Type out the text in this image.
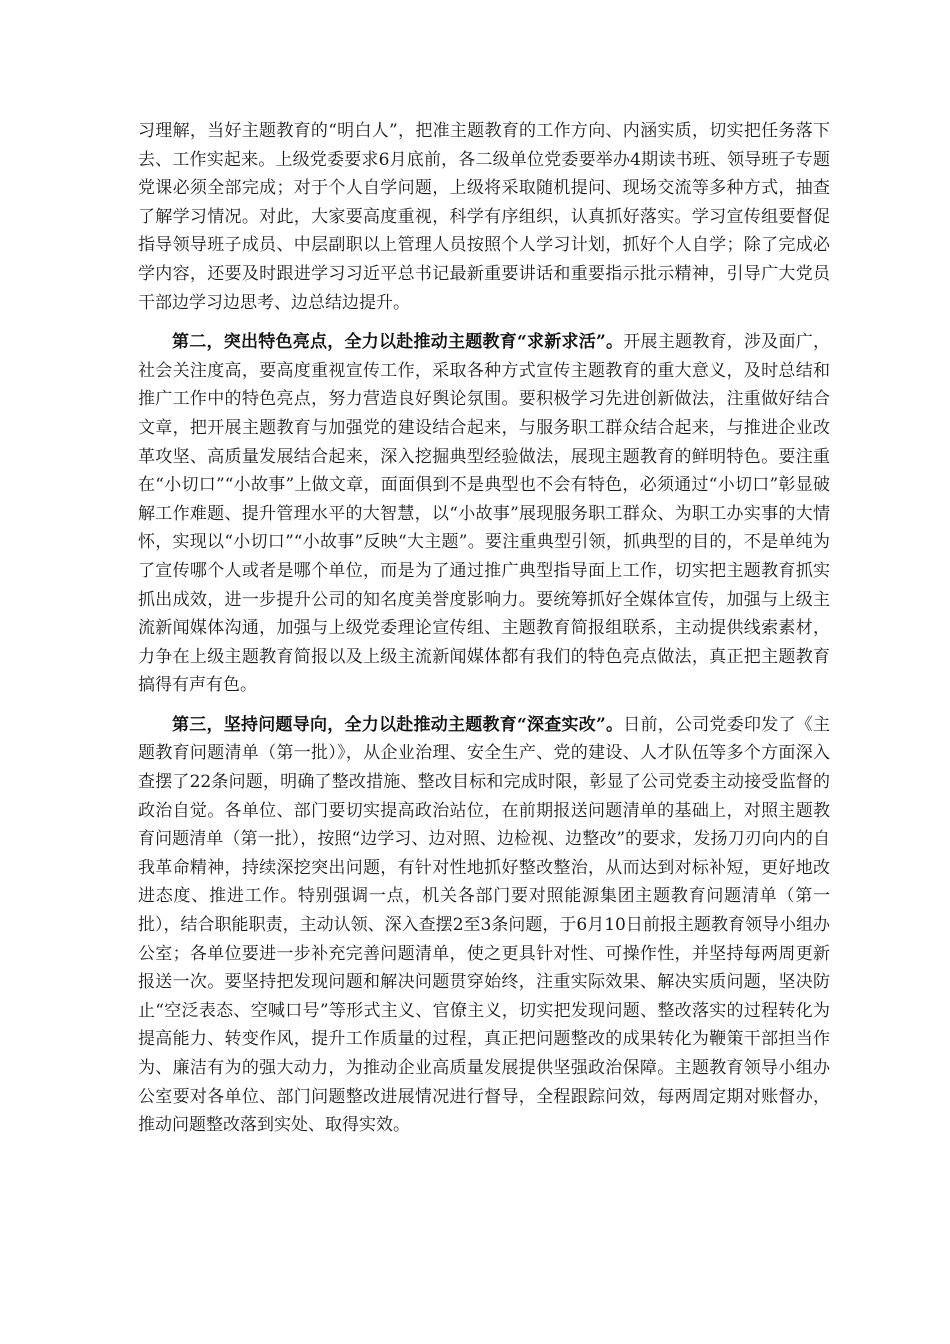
习理解，当好主题教育的“明白人”，把准主题教育的工作方向、内涵实质，切实把任务落下去、工作实起来。上级党委要求6月底前，各二级单位党委要举办4期读书班、领导班子专题党课必须全部完成；对于个人自学问题，上级将采取随机提问、现场交流等多种方式，抽查了解学习情况。对此，大家要高度重视，科学有序组织，认真抓好落实。学习宣传组要督促指导领导班子成员、中层副职以上管理人员按照个人学习计划，抓好个人自学；除了完成必学内容，还要及时跟进学习习近平总书记最新重要讲话和重要指示批示精神，引导广大党员干部边学习边思考、边总结边提升。

第二，突出特色亮点，全力以赴推动主题教育“求新求活”。开展主题教育，涉及面广，社会关注度高，要高度重视宣传工作，采取各种方式宣传主题教育的重大意义，及时总结和推广工作中的特色亮点，努力营造良好舆论氛围。要积极学习先进创新做法，注重做好结合文章，把开展主题教育与加强党的建设结合起来，与服务职工群众结合起来，与推进企业改革攻坚、高质量发展结合起来，深入挖掘典型经验做法，展现主题教育的鲜明特色。要注重在“小切口”“小故事”上做文章，面面俱到不是典型也不会有特色，必须通过“小切口”彰显破解工作难题、提升管理水平的大智慧，以“小故事”展现服务职工群众、为职工办实事的大情怀，实现以“小切口”“小故事”反映“大主题”。要注重典型引领，抓典型的目的，不是单纯为了宣传哪个人或者是哪个单位，而是为了通过推广典型指导面上工作，切实把主题教育抓实抓出成效，进一步提升公司的知名度美誉度影响力。要统筹抓好全媒体宣传，加强与上级主流新闻媒体沟通，加强与上级党委理论宣传组、主题教育简报组联系，主动提供线索素材，力争在上级主题教育简报以及上级主流新闻媒体都有我们的特色亮点做法，真正把主题教育搞得有声有色。

第三，坚持问题导向，全力以赴推动主题教育“深查实改”。日前，公司党委印发了《主题教育问题清单（第一批）》，从企业治理、安全生产、党的建设、人才队伍等多个方面深入查摆了22条问题，明确了整改措施、整改目标和完成时限，彰显了公司党委主动接受监督的政治自觉。各单位、部门要切实提高政治站位，在前期报送问题清单的基础上，对照主题教育问题清单（第一批），按照“边学习、边对照、边检视、边整改”的要求，发扬刀刃向内的自我革命精神，持续深挖突出问题，有针对性地抓好整改整治，从而达到对标补短，更好地改进态度、推进工作。特别强调一点，机关各部门要对照能源集团主题教育问题清单（第一批），结合职能职责，主动认领、深入查摆2至3条问题，于6月10日前报主题教育领导小组办公室；各单位要进一步补充完善问题清单，使之更具针对性、可操作性，并坚持每两周更新报送一次。要坚持把发现问题和解决问题贯穿始终，注重实际效果、解决实质问题，坚决防止“空泛表态、空喊口号”等形式主义、官僚主义，切实把发现问题、整改落实的过程转化为提高能力、转变作风，提升工作质量的过程，真正把问题整改的成果转化为鞭策干部担当作为、廉洁有为的强大动力，为推动企业高质量发展提供坚强政治保障。主题教育领导小组办公室要对各单位、部门问题整改进展情况进行督导，全程跟踪问效，每两周定期对账督办，推动问题整改落到实处、取得实效。
